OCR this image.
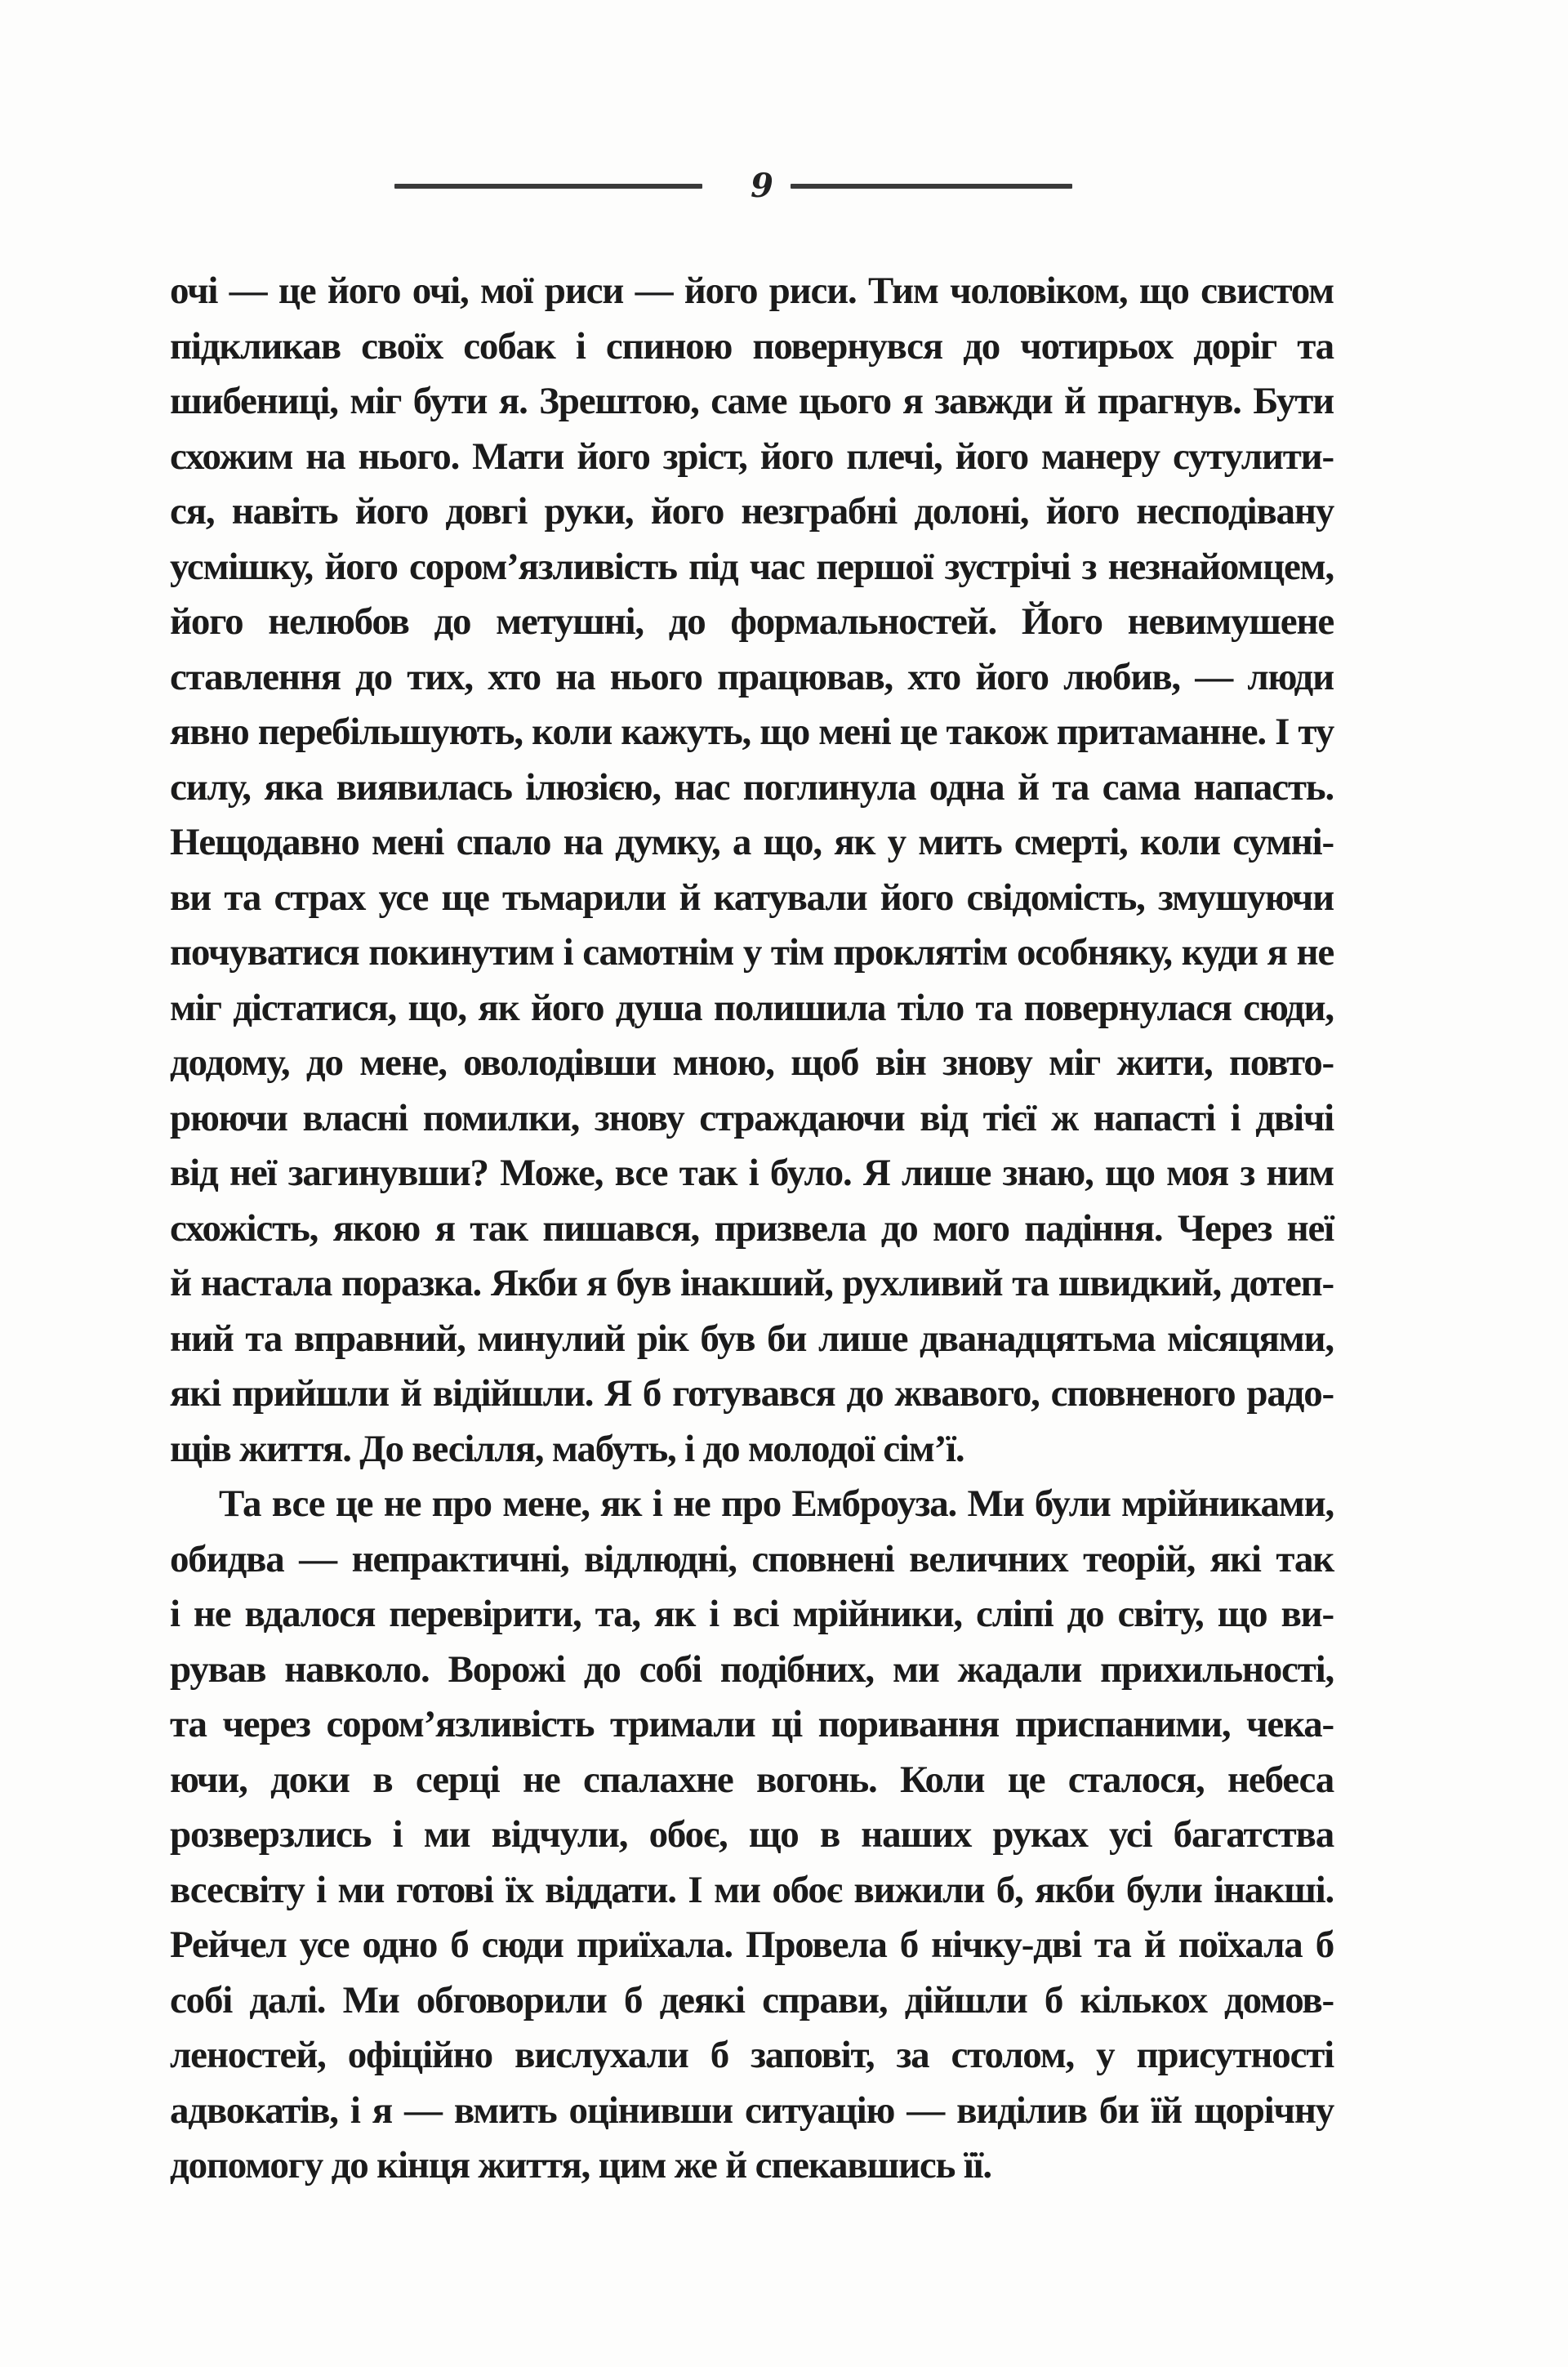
9
очі — це його очі, мої риси — його риси. Тим чоловіком, що свистом
підкликав своїх собак і спиною повернувся до чотирьох доріг та
шибениці, міг бути я. Зрештою, саме цього я завжди й прагнув. Бути
схожим на нього. Мати його зріст, його плечі, його манеру сутулити-
ся, навіть його довгі руки, його незграбні долоні, його несподівану
усмішку, його сором’язливість під час першої зустрічі з незнайомцем,
його нелюбов до метушні, до формальностей. Його невимушене
ставлення до тих, хто на нього працював, хто його любив, — люди
явно перебільшують, коли кажуть, що мені це також притаманне. І ту
силу, яка виявилась ілюзією, нас поглинула одна й та сама напасть.
Нещодавно мені спало на думку, а що, як у мить смерті, коли сумні-
ви та страх усе ще тьмарили й катували його свідомість, змушуючи
почуватися покинутим і самотнім у тім проклятім особняку, куди я не
міг дістатися, що, як його душа полишила тіло та повернулася сюди,
додому, до мене, оволодівши мною, щоб він знову міг жити, повто-
рюючи власні помилки, знову страждаючи від тієї ж напасті і двічі
від неї загинувши? Може, все так і було. Я лише знаю, що моя з ним
схожість, якою я так пишався, призвела до мого падіння. Через неї
й настала поразка. Якби я був інакший, рухливий та швидкий, дотеп-
ний та вправний, минулий рік був би лише дванадцятьма місяцями,
які прийшли й відійшли. Я б готувався до жвавого, сповненого радо-
щів життя. До весілля, мабуть, і до молодої сім’ї.
Та все це не про мене, як і не про Емброуза. Ми були мрійниками,
обидва — непрактичні, відлюдні, сповнені величних теорій, які так
і не вдалося перевірити, та, як і всі мрійники, сліпі до світу, що ви-
рував навколо. Ворожі до собі подібних, ми жадали прихильності,
та через сором’язливість тримали ці поривання приспаними, чека-
ючи, доки в серці не спалахне вогонь. Коли це сталося, небеса
розверзлись і ми відчули, обоє, що в наших руках усі багатства
всесвіту і ми готові їх віддати. І ми обоє вижили б, якби були інакші.
Рейчел усе одно б сюди приїхала. Провела б нічку-дві та й поїхала б
собі далі. Ми обговорили б деякі справи, дійшли б кількох домов-
леностей, офіційно вислухали б заповіт, за столом, у присутності
адвокатів, і я — вмить оцінивши ситуацію — виділив би їй щорічну
допомогу до кінця життя, цим же й спекавшись її.
